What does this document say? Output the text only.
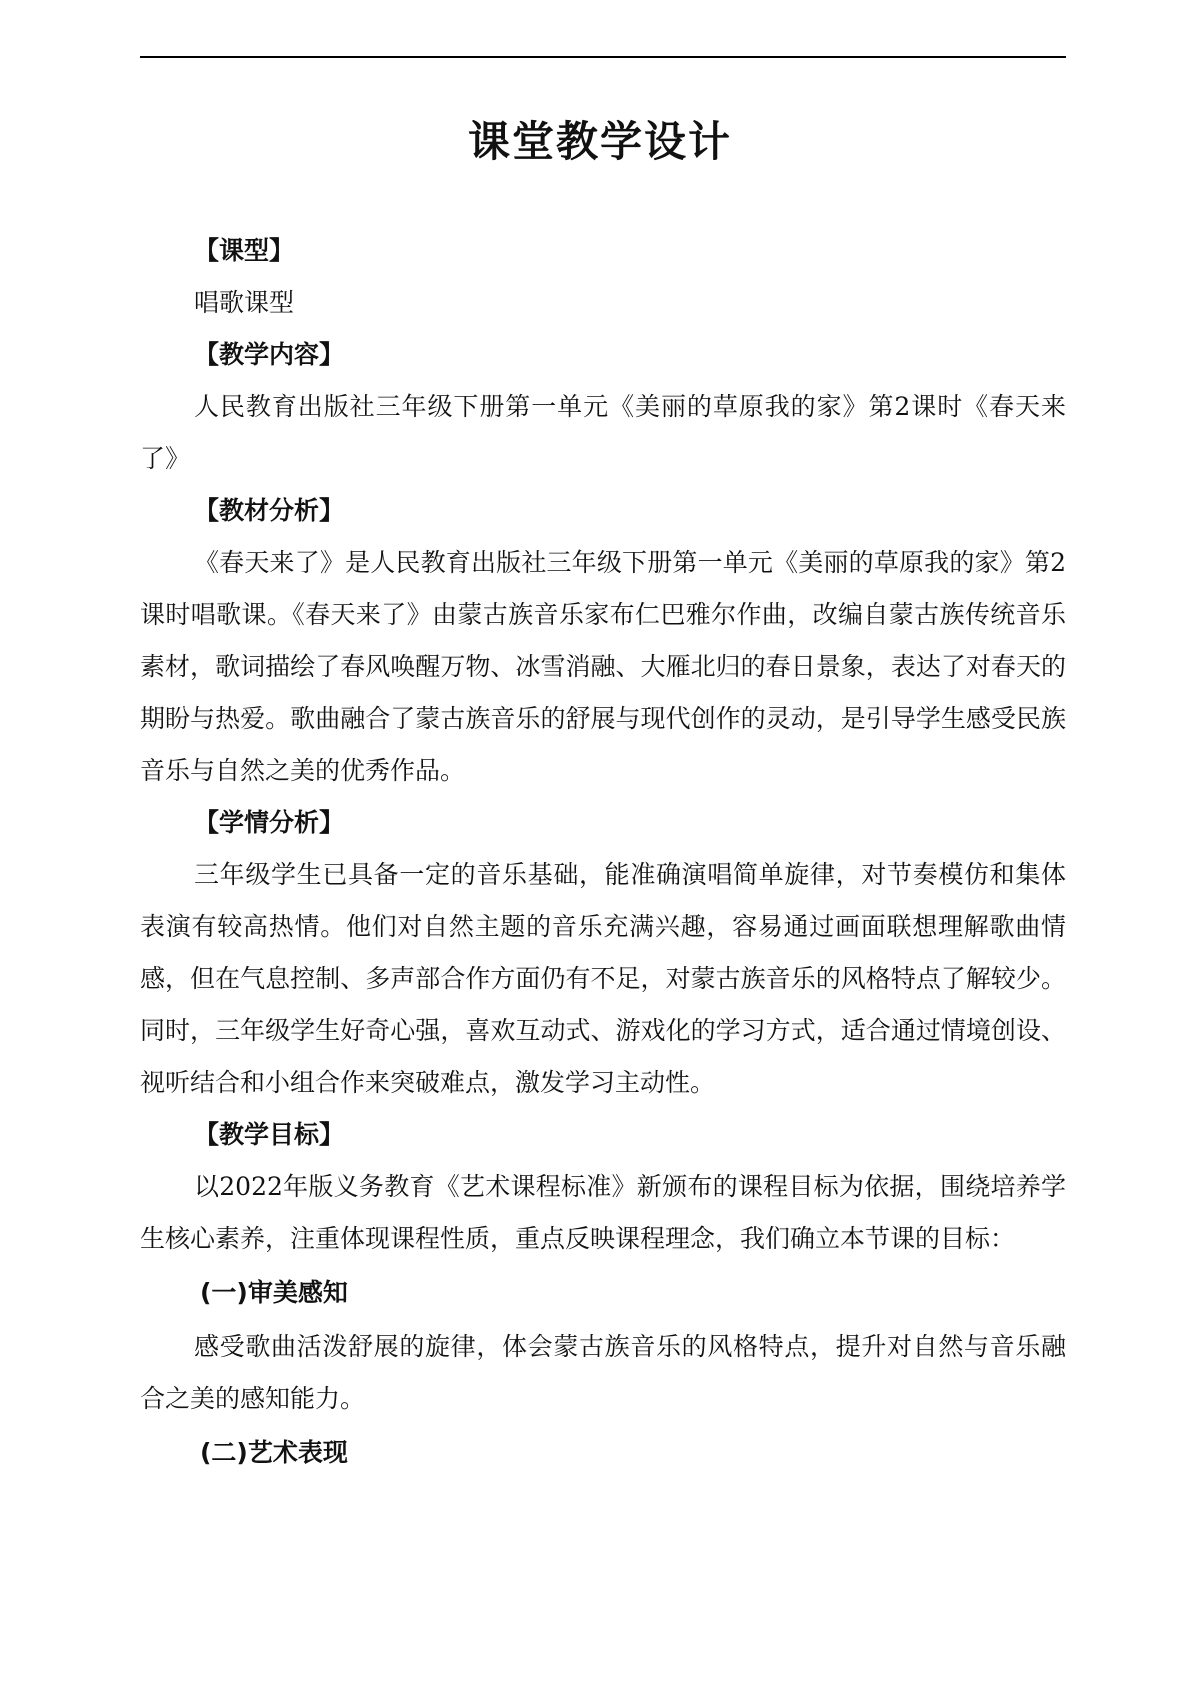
课堂教学设计

【课型】

唱歌课型

【教学内容】

人民教育出版社三年级下册第一单元《美丽的草原我的家》第2课时《春天来了》

【教材分析】

《春天来了》是人民教育出版社三年级下册第一单元《美丽的草原我的家》第2课时唱歌课。《春天来了》由蒙古族音乐家布仁巴雅尔作曲，改编自蒙古族传统音乐素材，歌词描绘了春风唤醒万物、冰雪消融、大雁北归的春日景象，表达了对春天的期盼与热爱。歌曲融合了蒙古族音乐的舒展与现代创作的灵动，是引导学生感受民族音乐与自然之美的优秀作品。

【学情分析】

三年级学生已具备一定的音乐基础，能准确演唱简单旋律，对节奏模仿和集体表演有较高热情。他们对自然主题的音乐充满兴趣，容易通过画面联想理解歌曲情感，但在气息控制、多声部合作方面仍有不足，对蒙古族音乐的风格特点了解较少。同时，三年级学生好奇心强，喜欢互动式、游戏化的学习方式，适合通过情境创设、视听结合和小组合作来突破难点，激发学习主动性。

【教学目标】

以2022年版义务教育《艺术课程标准》新颁布的课程目标为依据，围绕培养学生核心素养，注重体现课程性质，重点反映课程理念，我们确立本节课的目标：

(一)审美感知

感受歌曲活泼舒展的旋律，体会蒙古族音乐的风格特点，提升对自然与音乐融合之美的感知能力。

(二)艺术表现
